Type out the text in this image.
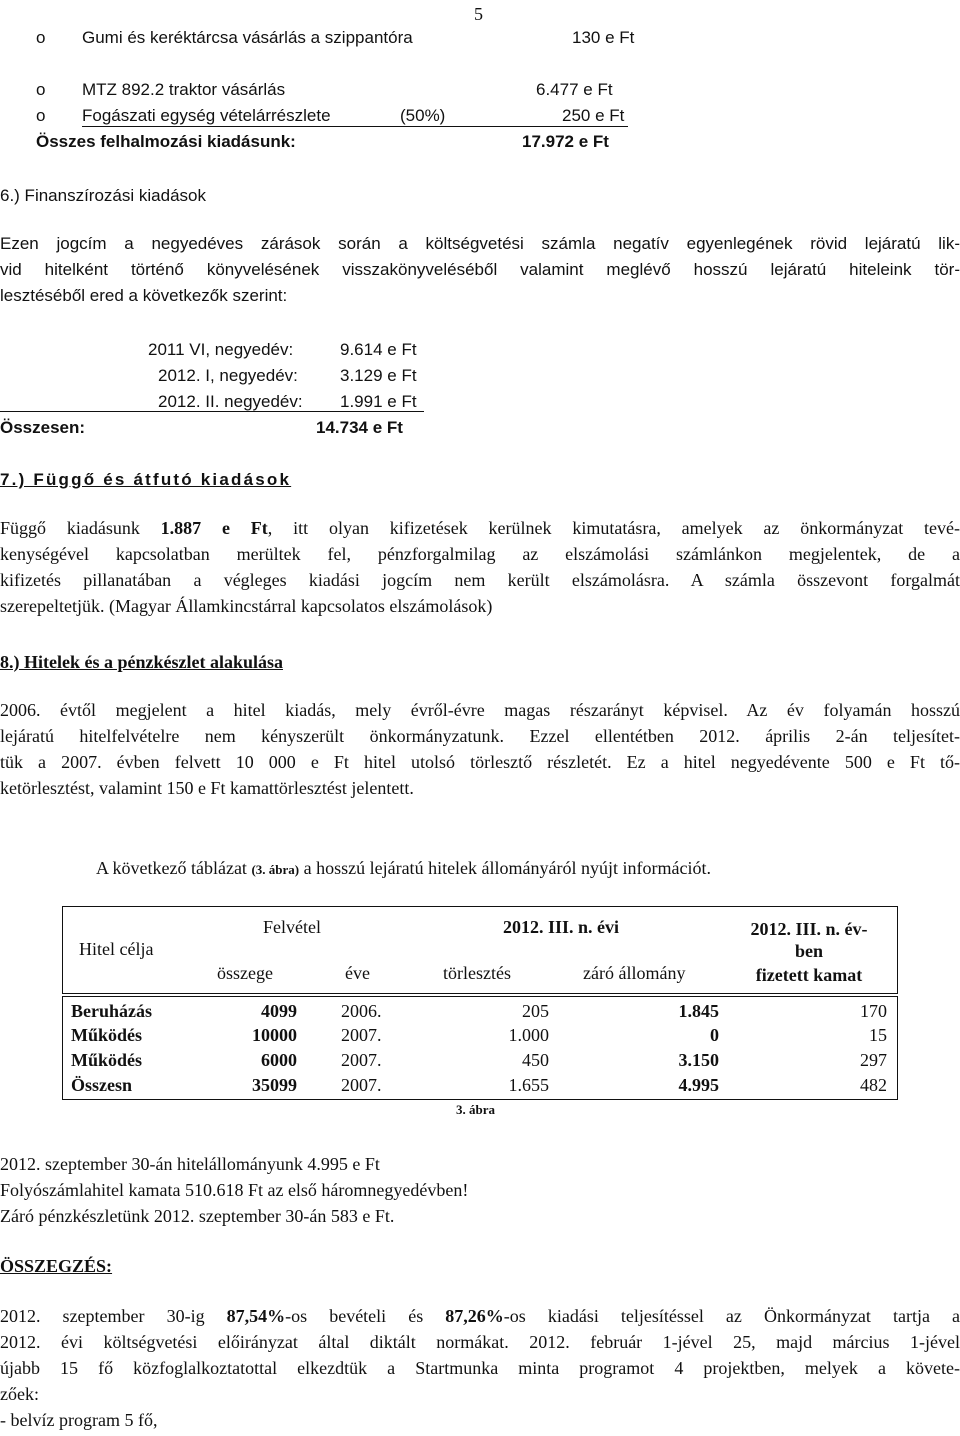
5
o Gumi és keréktárcsa vásárlás a szippantóra	130 e Ft
o MTZ 892.2 traktor vásárlás	6.477 e Ft
o Fogászati egység vételárrészlete	(50%)	250 e Ft
Összes felhalmozási kiadásunk:	17.972 e Ft
6.) Finanszírozási kiadások
Ezen jogcím a negyedéves zárások során a költségvetési számla negatív egyenlegének rövid lejáratú lik-
vid hitelként történő könyvelésének visszakönyveléséből valamint meglévő hosszú lejáratú hiteleink tör-
lesztéséből ered a következők szerint:
2011 VI, negyedév:	9.614 e Ft
2012. I, negyedév: 3.129 e Ft
2012. II. negyedév: 1.991 e Ft
Összesen:	14.734 e Ft
7.) Függő és átfutó kiadások
Függő kiadásunk 1.887 e Ft, itt olyan kifizetések kerülnek kimutatásra, amelyek az önkormányzat tevé-
kenységével kapcsolatban merültek fel, pénzforgalmilag az elszámolási számlánkon megjelentek, de a
kifizetés pillanatában a végleges kiadási jogcím nem került elszámolásra. A számla összevont forgalmát
szerepeltetjük. (Magyar Államkincstárral kapcsolatos elszámolások)
8.) Hitelek és a pénzkészlet alakulása
2006. évtől megjelent a hitel kiadás, mely évről-évre magas részarányt képvisel. Az év folyamán hosszú
lejáratú hitelfelvételre nem kényszerült önkormányzatunk. Ezzel ellentétben 2012. április 2-án teljesítet-
tük a 2007. évben felvett 10 000 e Ft hitel utolsó törlesztő részletét. Ez a hitel negyedévente 500 e Ft tő-
ketörlesztést, valamint 150 e Ft kamattörlesztést jelentett.
A következő táblázat (3. ábra) a hosszú lejáratú hitelek állományáról nyújt információt.
Hitel célja
Felvétel	2012. III. n. évi
összege	éve	törlesztés	záró állomány
2012. III. n. év-
ben
fizetett kamat
Beruházás	4099 2006.	205	1.845	170
Működés	10000 2007.	1.000	0	15
Működés	6000 2007.	450	3.150	297
Összesn	35099 2007.	1.655	4.995	482
3. ábra
2012. szeptember 30-án hitelállományunk 4.995 e Ft
Folyószámlahitel kamata 510.618 Ft az első háromnegyedévben!
Záró pénzkészletünk 2012. szeptember 30-án 583 e Ft.
ÖSSZEGZÉS:
2012. szeptember 30-ig 87,54%-os bevételi és 87,26%-os kiadási teljesítéssel az Önkormányzat tartja a
2012. évi költségvetési előirányzat által diktált normákat. 2012. február 1-jével 25, majd március 1-jével
újabb 15 fő közfoglalkoztatottal elkezdtük a Startmunka minta programot 4 projektben, melyek a követe-
zőek:
- belvíz program 5 fő,
